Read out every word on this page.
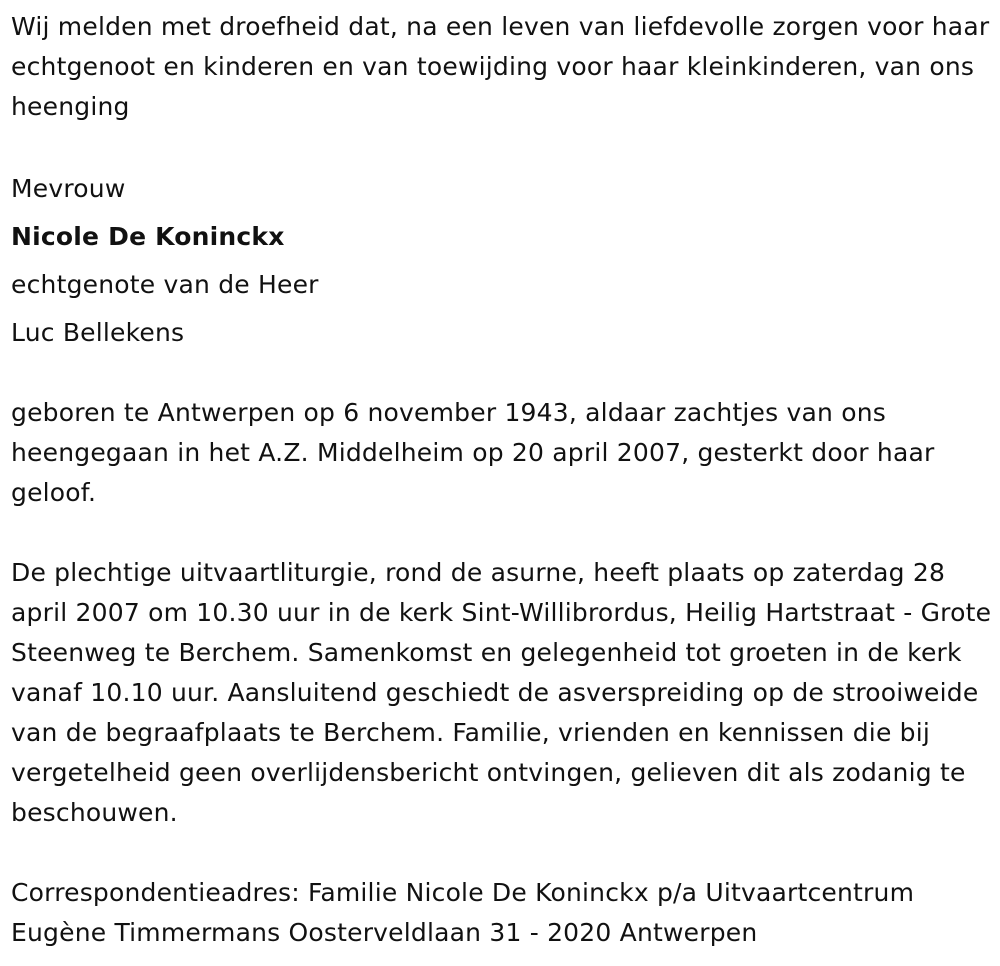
Wij melden met droefheid dat, na een leven van liefdevolle zorgen voor haar echtgenoot en kinderen en van toewijding voor haar kleinkinderen, van ons heenging

Mevrouw

Nicole De Koninckx

echtgenote van de Heer

Luc Bellekens

geboren te Antwerpen op 6 november 1943, aldaar zachtjes van ons heengegaan in het A.Z. Middelheim op 20 april 2007, gesterkt door haar geloof.

De plechtige uitvaartliturgie, rond de asurne, heeft plaats op zaterdag 28 april 2007 om 10.30 uur in de kerk Sint-Willibrordus, Heilig Hartstraat - Grote Steenweg te Berchem. Samenkomst en gelegenheid tot groeten in de kerk vanaf 10.10 uur. Aansluitend geschiedt de asverspreiding op de strooiweide van de begraafplaats te Berchem. Familie, vrienden en kennissen die bij vergetelheid geen overlijdensbericht ontvingen, gelieven dit als zodanig te beschouwen.

Correspondentieadres: Familie Nicole De Koninckx p/a Uitvaartcentrum Eugène Timmermans Oosterveldlaan 31 - 2020 Antwerpen
